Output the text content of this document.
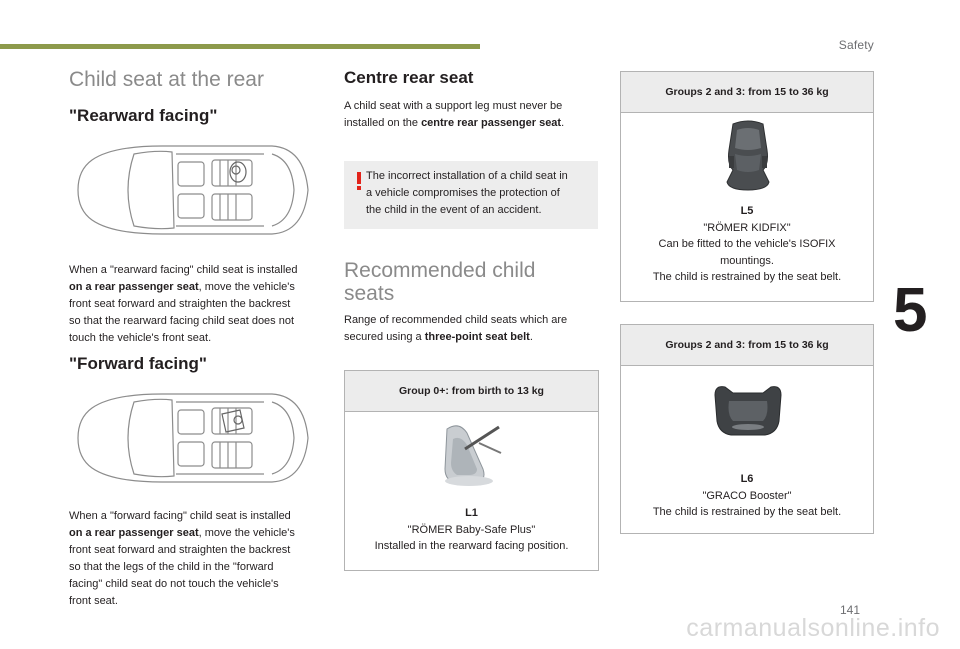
Safety
5
141
carmanualsonline.info
Child seat at the rear
"Rearward facing"
When a "rearward facing" child seat is installed
on a rear passenger seat, move the vehicle's
front seat forward and straighten the backrest
so that the rearward facing child seat does not
touch the vehicle's front seat.
"Forward facing"
When a "forward facing" child seat is installed
on a rear passenger seat, move the vehicle's
front seat forward and straighten the backrest
so that the legs of the child in the "forward
facing" child seat do not touch the vehicle's
front seat.
Centre rear seat
A child seat with a support leg must never be
installed on the centre rear passenger seat.
The incorrect installation of a child seat in
a vehicle compromises the protection of
the child in the event of an accident.
Recommended child
seats
Range of recommended child seats which are
secured using a three-point seat belt.
Group 0+: from birth to 13 kg
L1
"RÖMER Baby-Safe Plus"
Installed in the rearward facing position.
Groups 2 and 3: from 15 to 36 kg
L5
"RÖMER KIDFIX"
Can be fitted to the vehicle's ISOFIX
mountings.
The child is restrained by the seat belt.
Groups 2 and 3: from 15 to 36 kg
L6
"GRACO Booster"
The child is restrained by the seat belt.
